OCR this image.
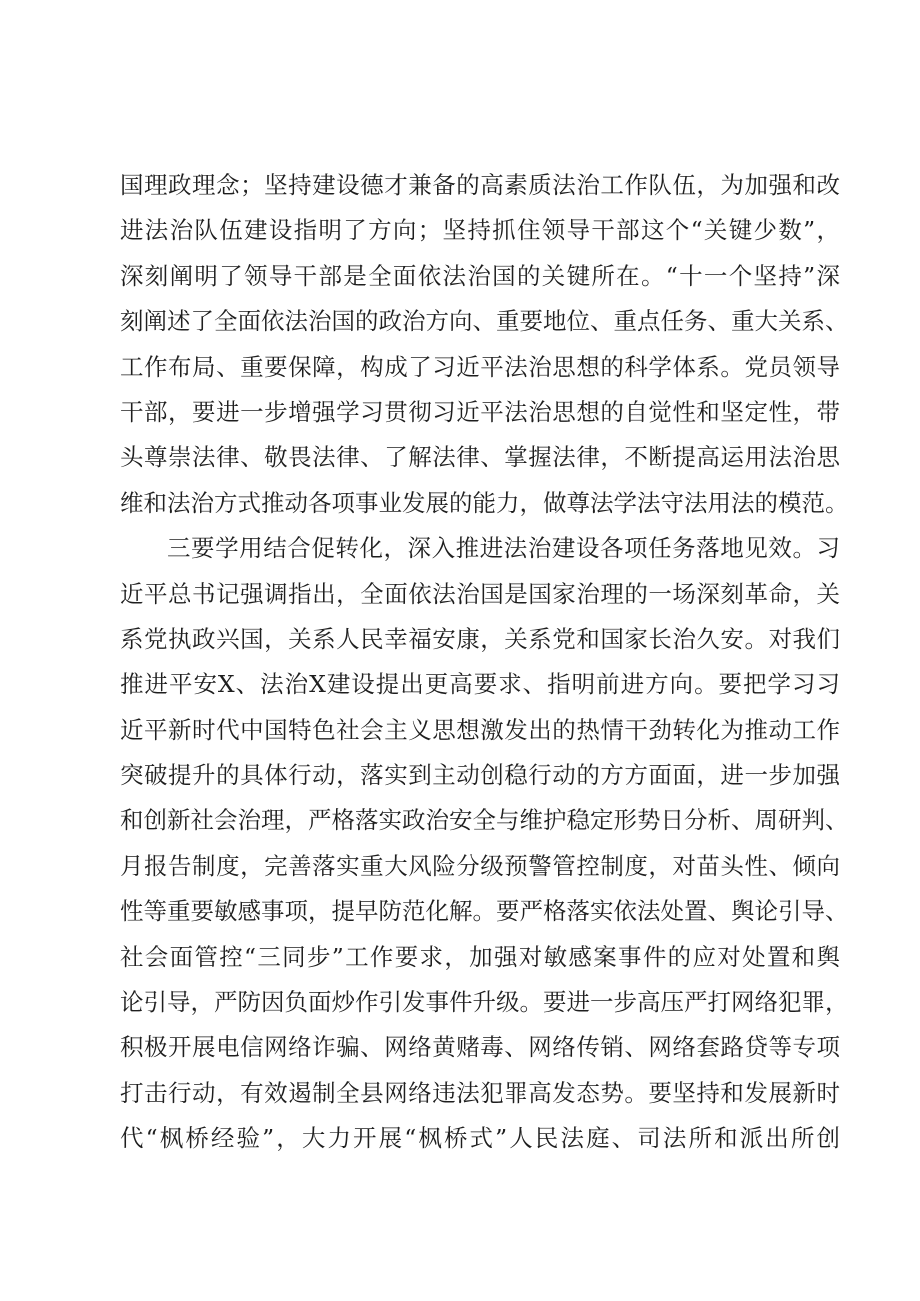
国理政理念；坚持建设德才兼备的高素质法治工作队伍，为加强和改
进法治队伍建设指明了方向；坚持抓住领导干部这个“关键少数”，
深刻阐明了领导干部是全面依法治国的关键所在。“十一个坚持”深
刻阐述了全面依法治国的政治方向、重要地位、重点任务、重大关系、
工作布局、重要保障，构成了习近平法治思想的科学体系。党员领导
干部，要进一步增强学习贯彻习近平法治思想的自觉性和坚定性，带
头尊崇法律、敬畏法律、了解法律、掌握法律，不断提高运用法治思
维和法治方式推动各项事业发展的能力，做尊法学法守法用法的模范。
三要学用结合促转化，深入推进法治建设各项任务落地见效。习
近平总书记强调指出，全面依法治国是国家治理的一场深刻革命，关
系党执政兴国，关系人民幸福安康，关系党和国家长治久安。对我们
推进平安X、法治X建设提出更高要求、指明前进方向。要把学习习
近平新时代中国特色社会主义思想激发出的热情干劲转化为推动工作
突破提升的具体行动，落实到主动创稳行动的方方面面，进一步加强
和创新社会治理，严格落实政治安全与维护稳定形势日分析、周研判、
月报告制度，完善落实重大风险分级预警管控制度，对苗头性、倾向
性等重要敏感事项，提早防范化解。要严格落实依法处置、舆论引导、
社会面管控“三同步”工作要求，加强对敏感案事件的应对处置和舆
论引导，严防因负面炒作引发事件升级。要进一步高压严打网络犯罪，
积极开展电信网络诈骗、网络黄赌毒、网络传销、网络套路贷等专项
打击行动，有效遏制全县网络违法犯罪高发态势。要坚持和发展新时
代“枫桥经验”，大力开展“枫桥式”人民法庭、司法所和派出所创
